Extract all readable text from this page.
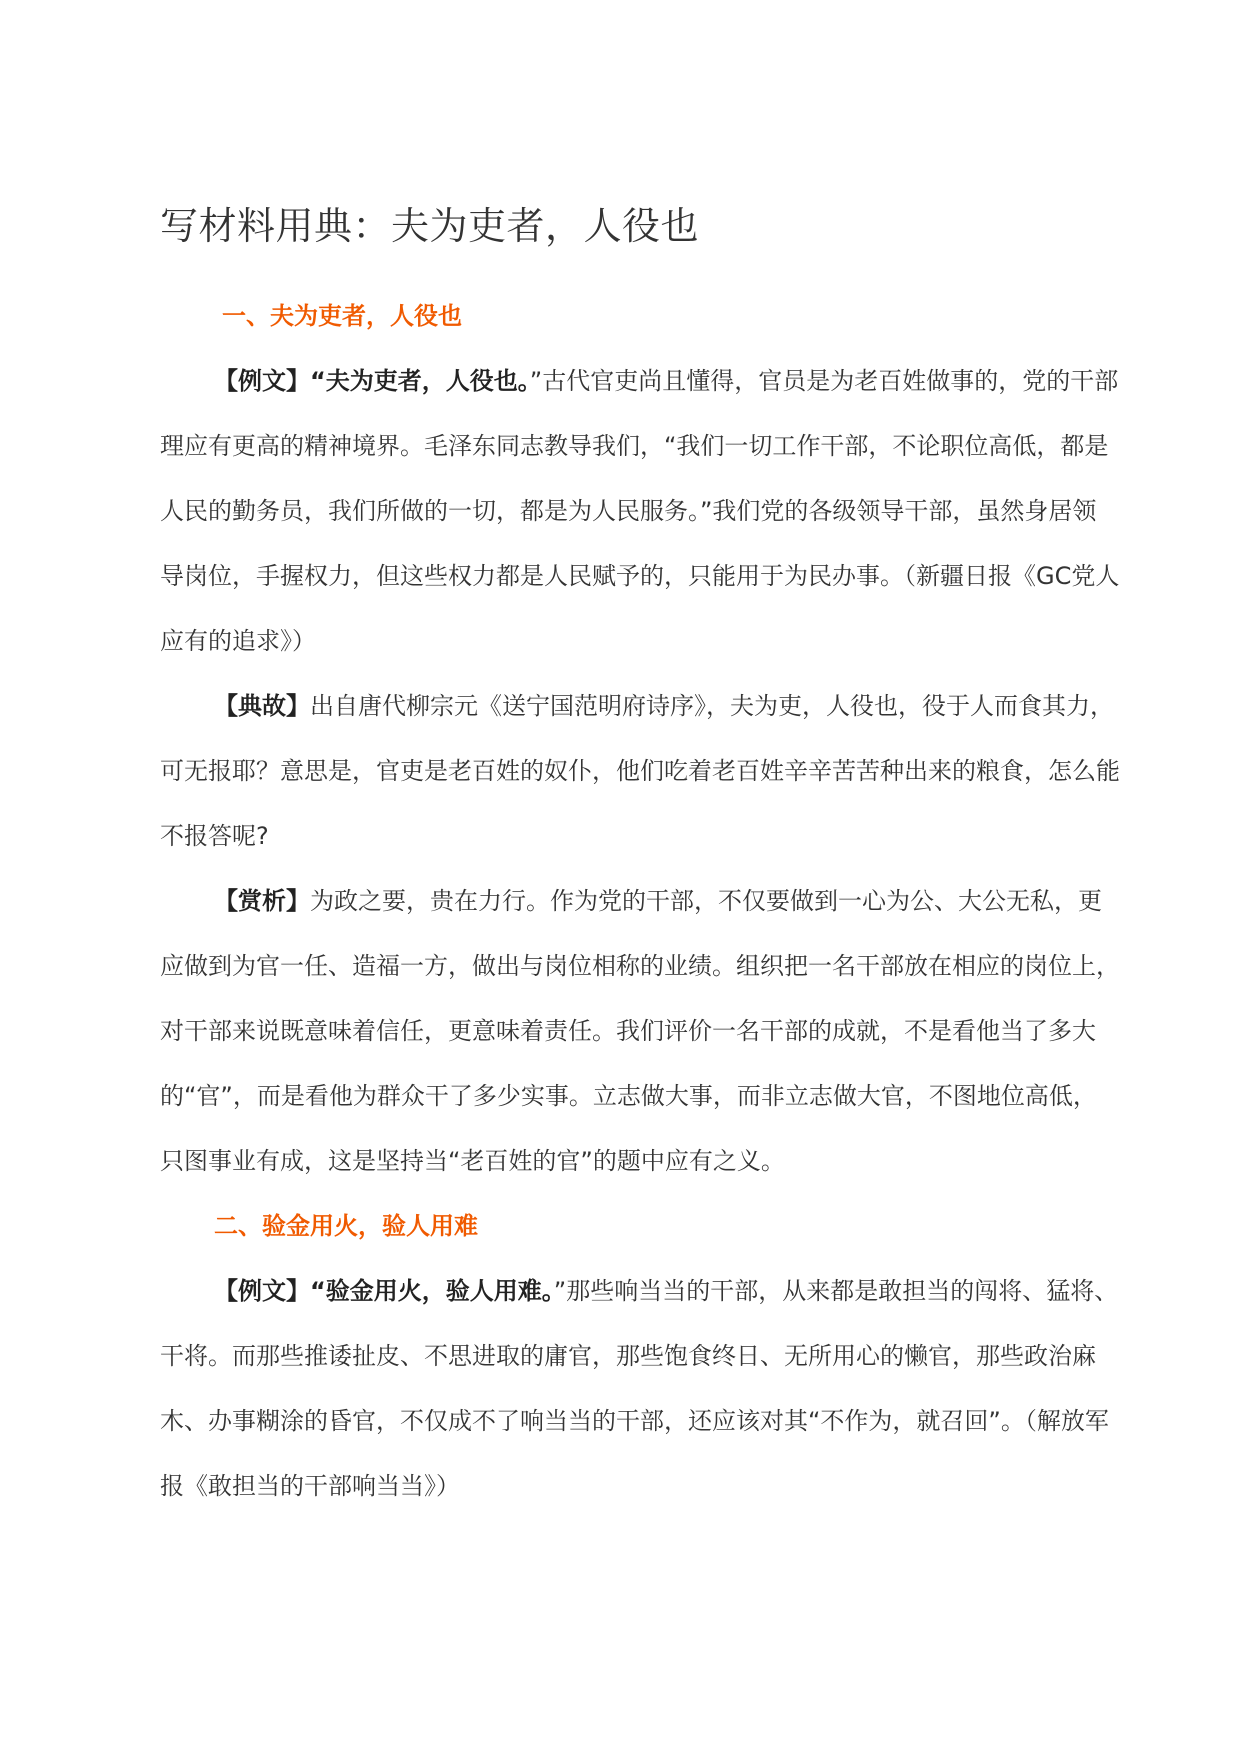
写材料用典：夫为吏者，人役也
一、夫为吏者，人役也

【例文】“夫为吏者，人役也。”古代官吏尚且懂得，官员是为老百姓做事的，党的干部理应有更高的精神境界。毛泽东同志教导我们，“我们一切工作干部，不论职位高低，都是人民的勤务员，我们所做的一切，都是为人民服务。”我们党的各级领导干部，虽然身居领导岗位，手握权力，但这些权力都是人民赋予的，只能用于为民办事。（新疆日报《GC党人应有的追求》）

【典故】出自唐代柳宗元《送宁国范明府诗序》，夫为吏，人役也，役于人而食其力，可无报耶？意思是，官吏是老百姓的奴仆，他们吃着老百姓辛辛苦苦种出来的粮食，怎么能不报答呢?

【赏析】为政之要，贵在力行。作为党的干部，不仅要做到一心为公、大公无私，更应做到为官一任、造福一方，做出与岗位相称的业绩。组织把一名干部放在相应的岗位上，对干部来说既意味着信任，更意味着责任。我们评价一名干部的成就，不是看他当了多大的“官”，而是看他为群众干了多少实事。立志做大事，而非立志做大官，不图地位高低，只图事业有成，这是坚持当“老百姓的官”的题中应有之义。

二、验金用火，验人用难

【例文】“验金用火，验人用难。”那些响当当的干部，从来都是敢担当的闯将、猛将、干将。而那些推诿扯皮、不思进取的庸官，那些饱食终日、无所用心的懒官，那些政治麻木、办事糊涂的昏官，不仅成不了响当当的干部，还应该对其“不作为，就召回”。（解放军报《敢担当的干部响当当》）
